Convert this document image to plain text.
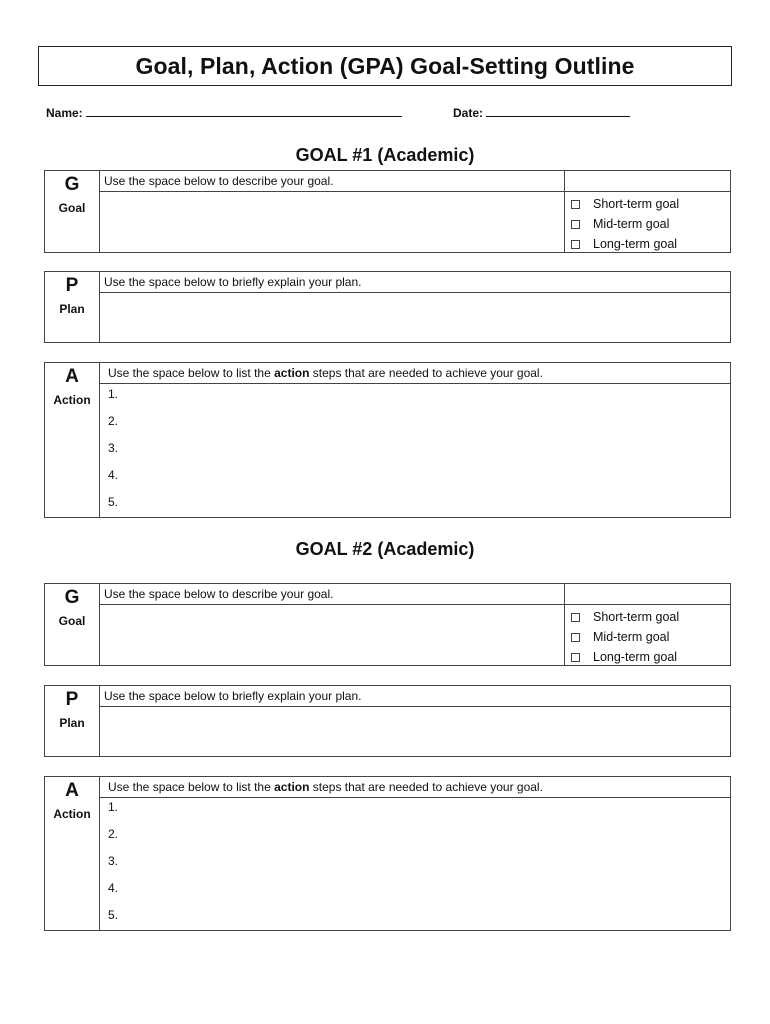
Goal, Plan, Action (GPA) Goal-Setting Outline
Name:	Date:
GOAL #1 (Academic)
G
Goal
Use the space below to describe your goal.
Short-term goal
Mid-term goal
Long-term goal
P
Plan
Use the space below to briefly explain your plan.
A
Action
Use the space below to list the action steps that are needed to achieve your goal.
1.
2.
3.
4.
5.
GOAL #2 (Academic)
G
Goal
Use the space below to describe your goal.
Short-term goal
Mid-term goal
Long-term goal
P
Plan
Use the space below to briefly explain your plan.
A
Action
Use the space below to list the action steps that are needed to achieve your goal.
1.
2.
3.
4.
5.
